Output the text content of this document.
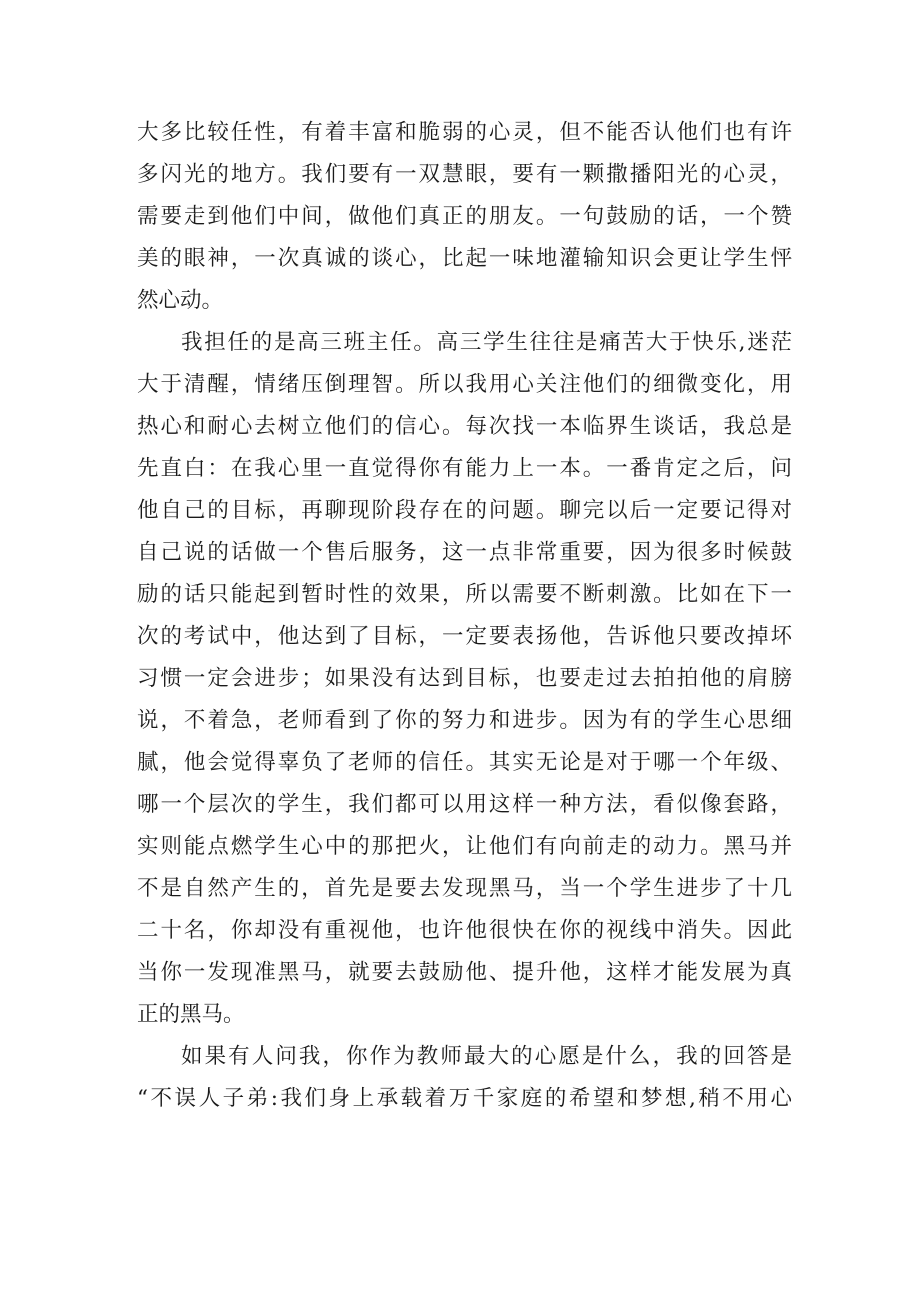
大多比较任性，有着丰富和脆弱的心灵，但不能否认他们也有许
多闪光的地方。我们要有一双慧眼，要有一颗撒播阳光的心灵，
需要走到他们中间，做他们真正的朋友。一句鼓励的话，一个赞
美的眼神，一次真诚的谈心，比起一味地灌输知识会更让学生怦
然心动。
我担任的是高三班主任。高三学生往往是痛苦大于快乐,迷茫
大于清醒，情绪压倒理智。所以我用心关注他们的细微变化，用
热心和耐心去树立他们的信心。每次找一本临界生谈话，我总是
先直白：在我心里一直觉得你有能力上一本。一番肯定之后，问
他自己的目标，再聊现阶段存在的问题。聊完以后一定要记得对
自己说的话做一个售后服务，这一点非常重要，因为很多时候鼓
励的话只能起到暂时性的效果，所以需要不断刺激。比如在下一
次的考试中，他达到了目标，一定要表扬他，告诉他只要改掉坏
习惯一定会进步；如果没有达到目标，也要走过去拍拍他的肩膀
说，不着急，老师看到了你的努力和进步。因为有的学生心思细
腻，他会觉得辜负了老师的信任。其实无论是对于哪一个年级、
哪一个层次的学生，我们都可以用这样一种方法，看似像套路，
实则能点燃学生心中的那把火，让他们有向前走的动力。黑马并
不是自然产生的，首先是要去发现黑马，当一个学生进步了十几
二十名，你却没有重视他，也许他很快在你的视线中消失。因此
当你一发现准黑马，就要去鼓励他、提升他，这样才能发展为真
正的黑马。
如果有人问我，你作为教师最大的心愿是什么，我的回答是
“不误人子弟:我们身上承载着万千家庭的希望和梦想,稍不用心
